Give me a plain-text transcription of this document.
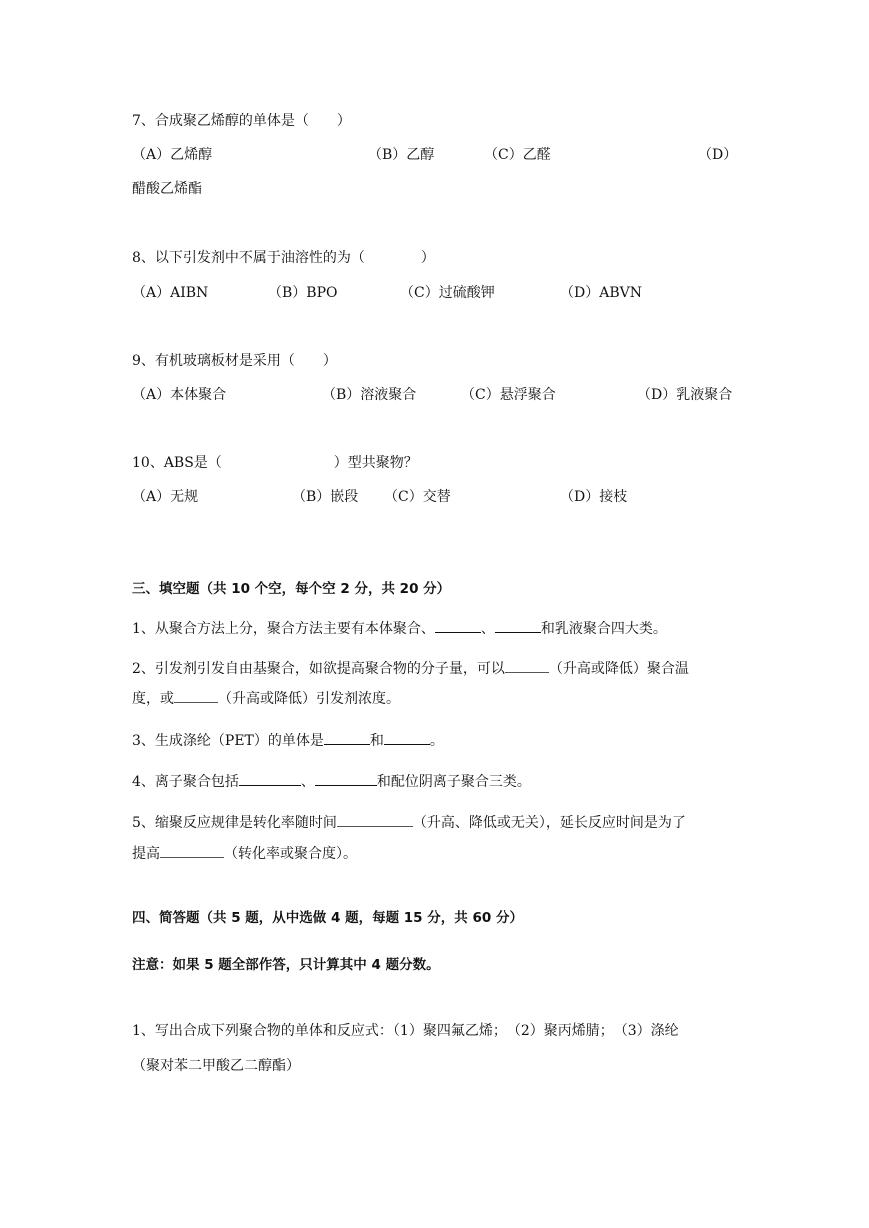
7、合成聚乙烯醇的单体是（　　）
（A）乙烯醇	（B）乙醇	（C）乙醛	（D）
醋酸乙烯酯
8、以下引发剂中不属于油溶性的为（　　　　）
（A）AIBN	（B）BPO	（C）过硫酸钾	（D）ABVN
9、有机玻璃板材是采用（　　）
（A）本体聚合	（B）溶液聚合	（C）悬浮聚合	（D）乳液聚合
10、ABS是（　　　　　　　　）型共聚物？
（A）无规	（B）嵌段 （C）交替	（D）接枝
三、填空题（共 10 个空，每个空 2 分，共 20 分）
1、从聚合方法上分，聚合方法主要有本体聚合、	、	和乳液聚合四大类。
2、引发剂引发自由基聚合，如欲提高聚合物的分子量，可以	（升高或降低）聚合温
度，或	（升高或降低）引发剂浓度。
3、生成涤纶（PET）的单体是	和	。
4、离子聚合包括	、	和配位阴离子聚合三类。
5、缩聚反应规律是转化率随时间	（升高、降低或无关），延长反应时间是为了
提高	（转化率或聚合度）。
四、简答题（共 5 题，从中选做 4 题，每题 15 分，共 60 分）
注意：如果 5 题全部作答，只计算其中 4 题分数。
1、写出合成下列聚合物的单体和反应式：（1）聚四氟乙烯；　（2）聚丙烯腈；　（3）涤纶
（聚对苯二甲酸乙二醇酯）
